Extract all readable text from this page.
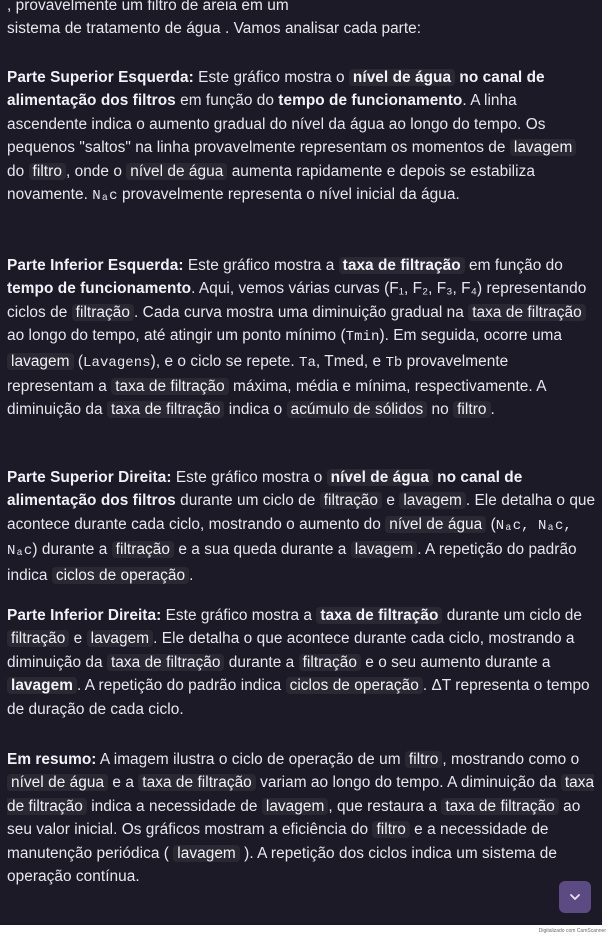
, provavelmente um filtro de areia em um
sistema de tratamento de água . Vamos analisar cada parte:

Parte Superior Esquerda: Este gráfico mostra o nível de água no canal de alimentação dos filtros em função do tempo de funcionamento. A linha ascendente indica o aumento gradual do nível da água ao longo do tempo. Os pequenos "saltos" na linha provavelmente representam os momentos de lavagem do filtro , onde o nível de água aumenta rapidamente e depois se estabiliza novamente. Nₐc provavelmente representa o nível inicial da água.

Parte Inferior Esquerda: Este gráfico mostra a taxa de filtração em função do tempo de funcionamento. Aqui, vemos várias curvas (F₁, F₂, F₃, F₄) representando ciclos de filtração . Cada curva mostra uma diminuição gradual na taxa de filtração ao longo do tempo, até atingir um ponto mínimo (Tmin). Em seguida, ocorre uma lavagem (Lavagens), e o ciclo se repete. Ta, Tmed, e Tb provavelmente representam a taxa de filtração máxima, média e mínima, respectivamente. A diminuição da taxa de filtração indica o acúmulo de sólidos no filtro .

Parte Superior Direita: Este gráfico mostra o nível de água no canal de alimentação dos filtros durante um ciclo de filtração e lavagem . Ele detalha o que acontece durante cada ciclo, mostrando o aumento do nível de água (Nₐc, Nₐc, Nₐc) durante a filtração e a sua queda durante a lavagem . A repetição do padrão indica ciclos de operação .

Parte Inferior Direita: Este gráfico mostra a taxa de filtração durante um ciclo de filtração e lavagem . Ele detalha o que acontece durante cada ciclo, mostrando a diminuição da taxa de filtração durante a filtração e o seu aumento durante a lavagem . A repetição do padrão indica ciclos de operação . ΔT representa o tempo de duração de cada ciclo.

Em resumo: A imagem ilustra o ciclo de operação de um filtro , mostrando como o nível de água e a taxa de filtração variam ao longo do tempo. A diminuição da taxa de filtração indica a necessidade de lavagem , que restaura a taxa de filtração ao seu valor inicial. Os gráficos mostram a eficiência do filtro e a necessidade de manutenção periódica ( lavagem ). A repetição dos ciclos indica um sistema de operação contínua.

Digitalizado com CamScanner
